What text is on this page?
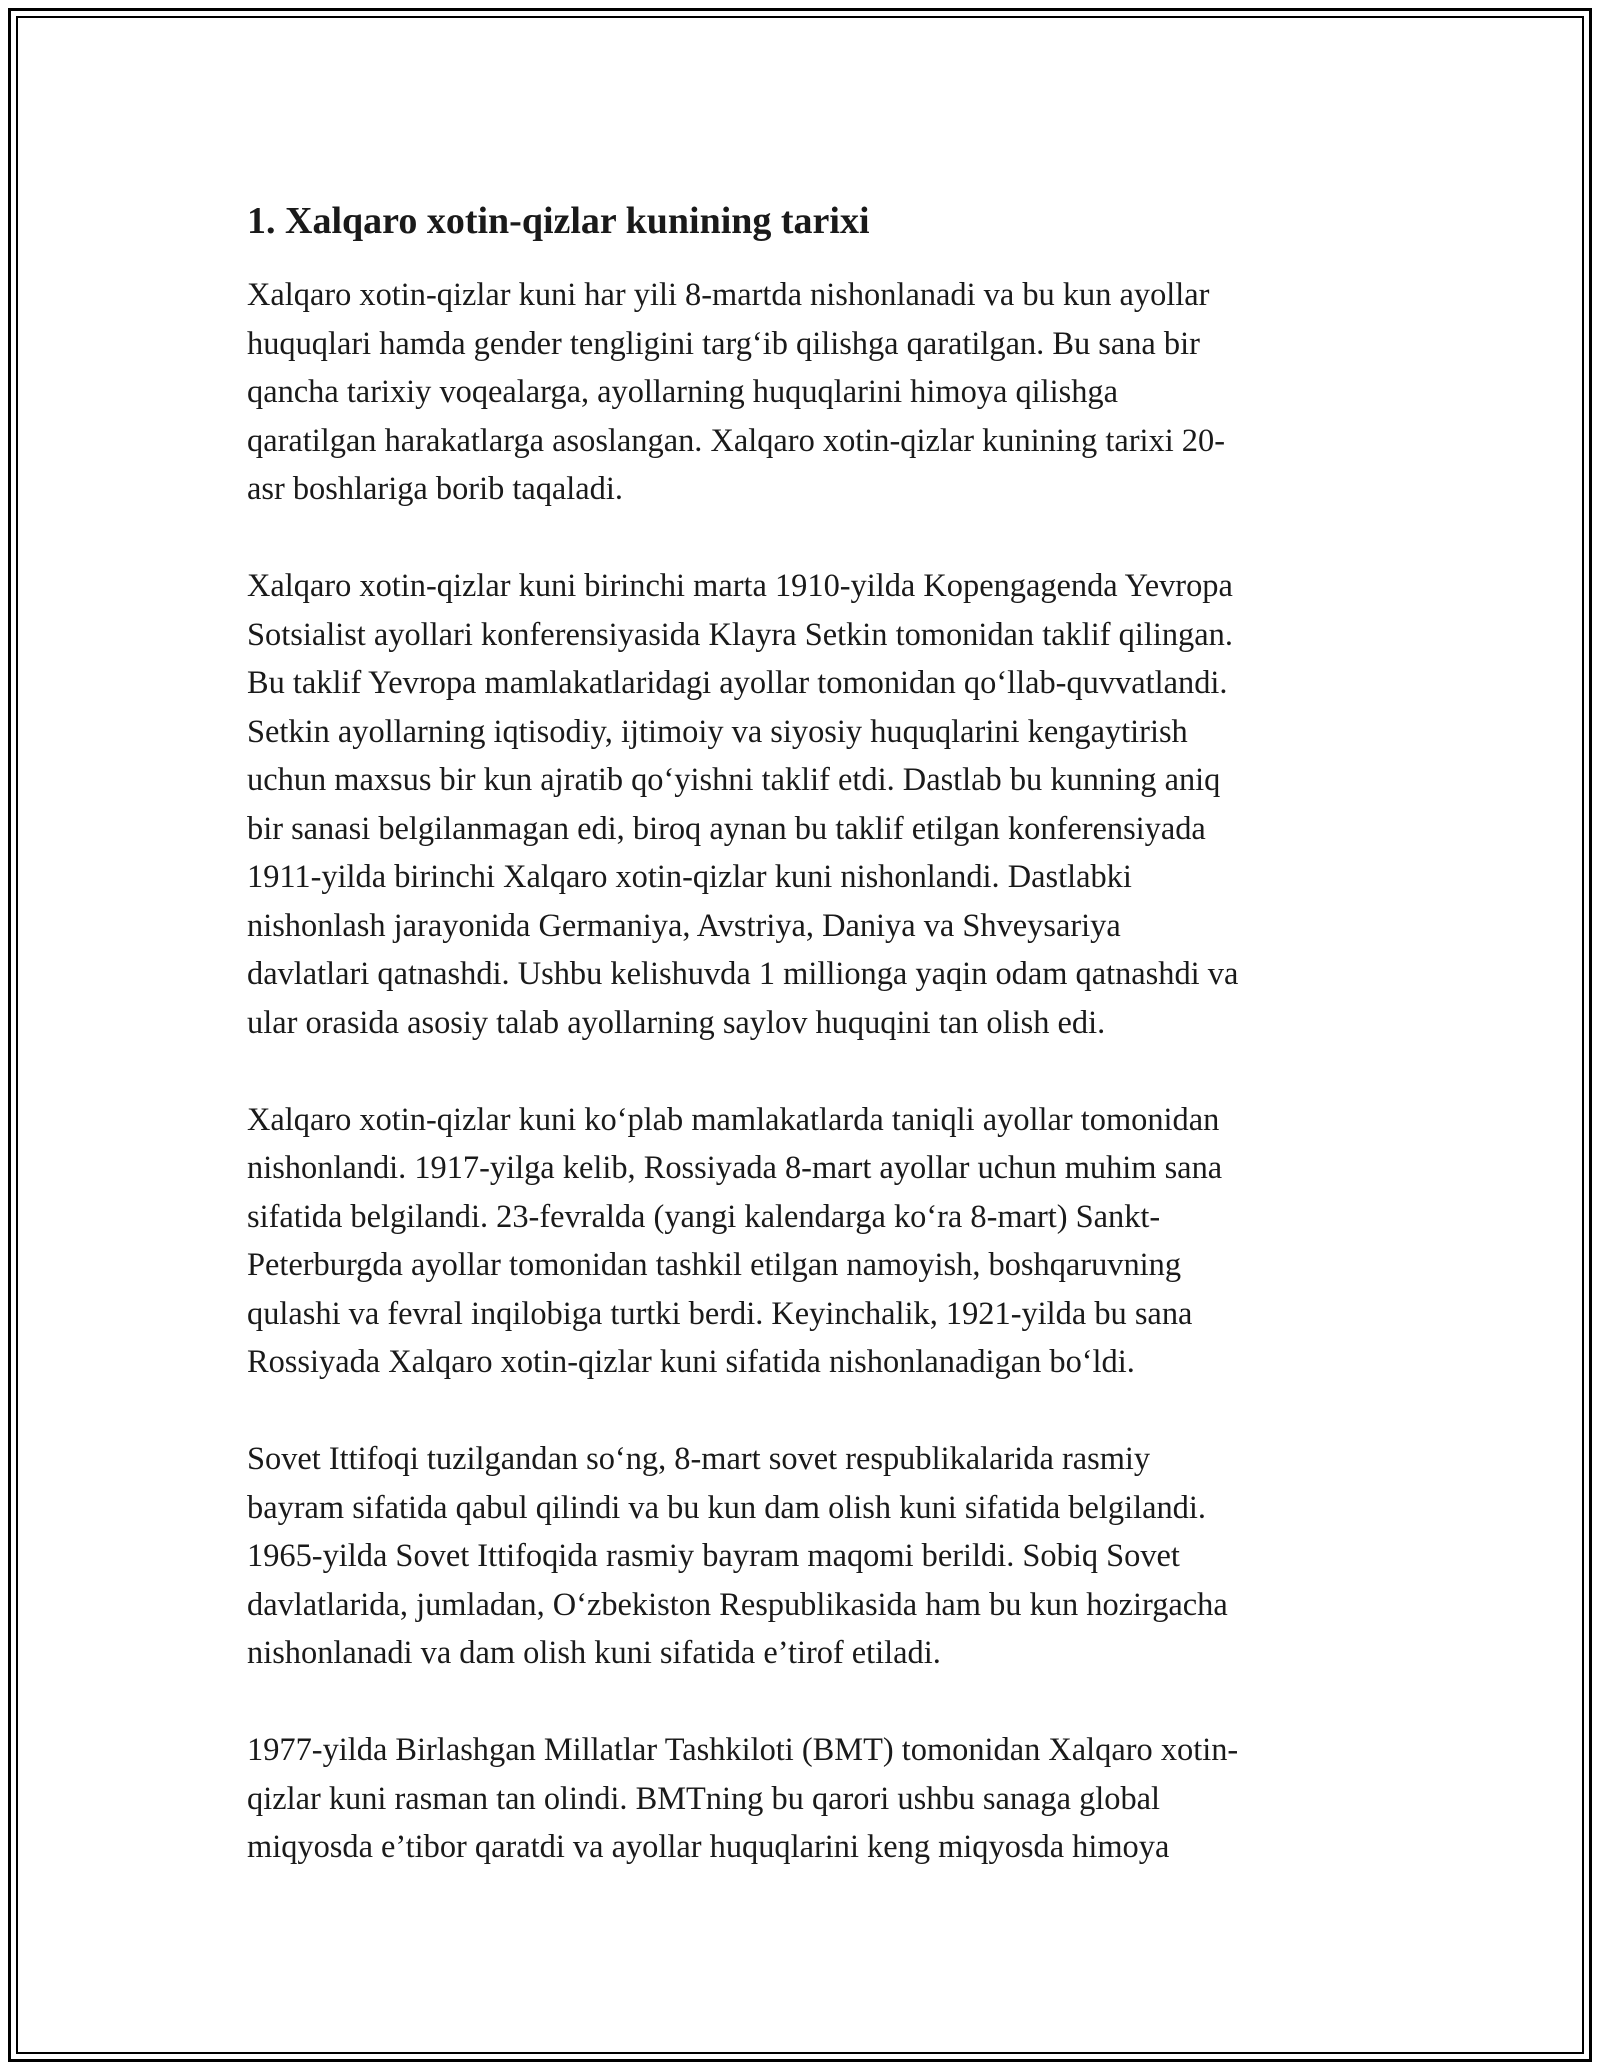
1. Xalqaro xotin-qizlar kunining tarixi

Xalqaro xotin-qizlar kuni har yili 8-martda nishonlanadi va bu kun ayollar
huquqlari hamda gender tengligini targ‘ib qilishga qaratilgan. Bu sana bir
qancha tarixiy voqealarga, ayollarning huquqlarini himoya qilishga
qaratilgan harakatlarga asoslangan. Xalqaro xotin-qizlar kunining tarixi 20-
asr boshlariga borib taqaladi.

Xalqaro xotin-qizlar kuni birinchi marta 1910-yilda Kopengagenda Yevropa
Sotsialist ayollari konferensiyasida Klayra Setkin tomonidan taklif qilingan.
Bu taklif Yevropa mamlakatlaridagi ayollar tomonidan qo‘llab-quvvatlandi.
Setkin ayollarning iqtisodiy, ijtimoiy va siyosiy huquqlarini kengaytirish
uchun maxsus bir kun ajratib qo‘yishni taklif etdi. Dastlab bu kunning aniq
bir sanasi belgilanmagan edi, biroq aynan bu taklif etilgan konferensiyada
1911-yilda birinchi Xalqaro xotin-qizlar kuni nishonlandi. Dastlabki
nishonlash jarayonida Germaniya, Avstriya, Daniya va Shveysariya
davlatlari qatnashdi. Ushbu kelishuvda 1 millionga yaqin odam qatnashdi va
ular orasida asosiy talab ayollarning saylov huquqini tan olish edi.

Xalqaro xotin-qizlar kuni ko‘plab mamlakatlarda taniqli ayollar tomonidan
nishonlandi. 1917-yilga kelib, Rossiyada 8-mart ayollar uchun muhim sana
sifatida belgilandi. 23-fevralda (yangi kalendarga ko‘ra 8-mart) Sankt-
Peterburgda ayollar tomonidan tashkil etilgan namoyish, boshqaruvning
qulashi va fevral inqilobiga turtki berdi. Keyinchalik, 1921-yilda bu sana
Rossiyada Xalqaro xotin-qizlar kuni sifatida nishonlanadigan bo‘ldi.

Sovet Ittifoqi tuzilgandan so‘ng, 8-mart sovet respublikalarida rasmiy
bayram sifatida qabul qilindi va bu kun dam olish kuni sifatida belgilandi.
1965-yilda Sovet Ittifoqida rasmiy bayram maqomi berildi. Sobiq Sovet
davlatlarida, jumladan, O‘zbekiston Respublikasida ham bu kun hozirgacha
nishonlanadi va dam olish kuni sifatida e’tirof etiladi.

1977-yilda Birlashgan Millatlar Tashkiloti (BMT) tomonidan Xalqaro xotin-
qizlar kuni rasman tan olindi. BMTning bu qarori ushbu sanaga global
miqyosda e’tibor qaratdi va ayollar huquqlarini keng miqyosda himoya
